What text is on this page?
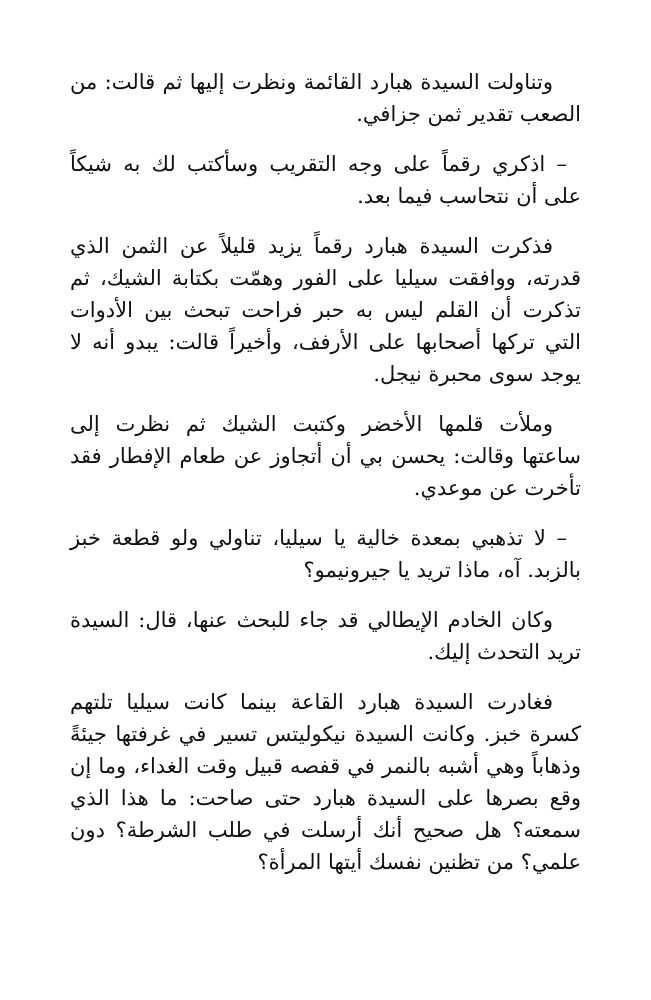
وتناولت السيدة هبارد القائمة ونظرت إليها ثم قالت: من الصعب تقدير ثمن جزافي.

– اذكري رقماً على وجه التقريب وسأكتب لك به شيكاً على أن نتحاسب فيما بعد.

فذكرت السيدة هبارد رقماً يزيد قليلاً عن الثمن الذي قدرته، ووافقت سيليا على الفور وهمّت بكتابة الشيك، ثم تذكرت أن القلم ليس به حبر فراحت تبحث بين الأدوات التي تركها أصحابها على الأرفف، وأخيراً قالت: يبدو أنه لا يوجد سوى محبرة نيجل.

وملأت قلمها الأخضر وكتبت الشيك ثم نظرت إلى ساعتها وقالت: يحسن بي أن أتجاوز عن طعام الإفطار فقد تأخرت عن موعدي.

– لا تذهبي بمعدة خالية يا سيليا، تناولي ولو قطعة خبز بالزبد. آه، ماذا تريد يا جيرونيمو؟

وكان الخادم الإيطالي قد جاء للبحث عنها، قال: السيدة تريد التحدث إليك.

فغادرت السيدة هبارد القاعة بينما كانت سيليا تلتهم كسرة خبز. وكانت السيدة نيكوليتس تسير في غرفتها جيئةً وذهاباً وهي أشبه بالنمر في قفصه قبيل وقت الغداء، وما إن وقع بصرها على السيدة هبارد حتى صاحت: ما هذا الذي سمعته؟ هل صحيح أنك أرسلت في طلب الشرطة؟ دون علمي؟ من تظنين نفسك أيتها المرأة؟
